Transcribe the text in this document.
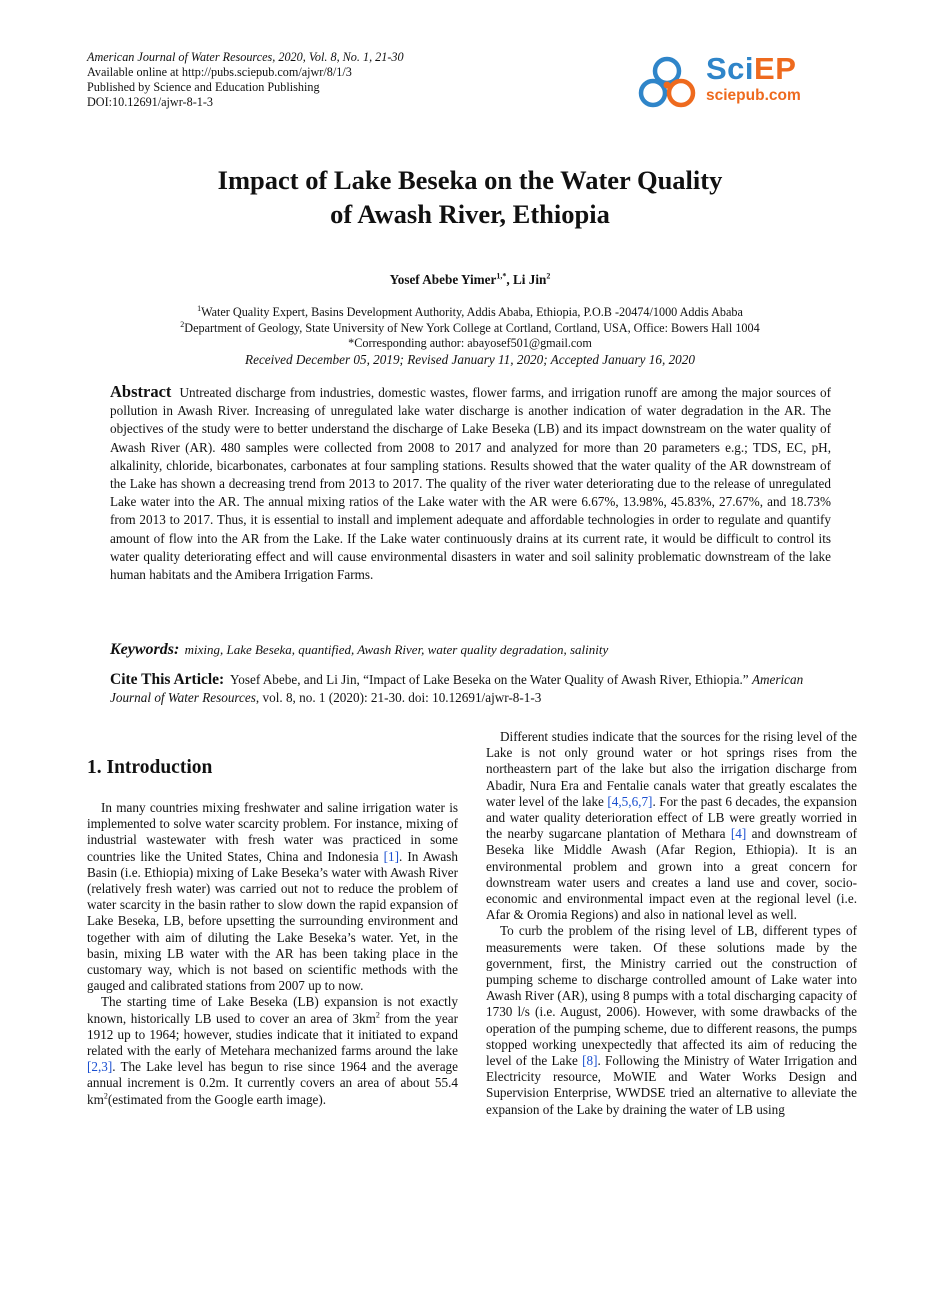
American Journal of Water Resources, 2020, Vol. 8, No. 1, 21-30
Available online at http://pubs.sciepub.com/ajwr/8/1/3
Published by Science and Education Publishing
DOI:10.12691/ajwr-8-1-3
SciEP
sciepub.com
Impact of Lake Beseka on the Water Quality
of Awash River, Ethiopia
Yosef Abebe Yimer$^{1,*}$, Li Jin$^2$
$^1$Water Quality Expert, Basins Development Authority, Addis Ababa, Ethiopia, P.O.B -20474/1000 Addis Ababa
$^2$Department of Geology, State University of New York College at Cortland, Cortland, USA, Office: Bowers Hall 1004
*Corresponding author: abayosef501@gmail.com
Received December 05, 2019; Revised January 11, 2020; Accepted January 16, 2020
Abstract Untreated discharge from industries, domestic wastes, flower farms, and irrigation runoff are among the major sources of pollution in Awash River. Increasing of unregulated lake water discharge is another indication of water degradation in the AR. The objectives of the study were to better understand the discharge of Lake Beseka (LB) and its impact downstream on the water quality of Awash River (AR). 480 samples were collected from 2008 to 2017 and analyzed for more than 20 parameters e.g.; TDS, EC, pH, alkalinity, chloride, bicarbonates, carbonates at four sampling stations. Results showed that the water quality of the AR downstream of the Lake has shown a decreasing trend from 2013 to 2017. The quality of the river water deteriorating due to the release of unregulated Lake water into the AR. The annual mixing ratios of the Lake water with the AR were 6.67%, 13.98%, 45.83%, 27.67%, and 18.73% from 2013 to 2017. Thus, it is essential to install and implement adequate and affordable technologies in order to regulate and quantify amount of flow into the AR from the Lake. If the Lake water continuously drains at its current rate, it would be difficult to control its water quality deteriorating effect and will cause environmental disasters in water and soil salinity problematic downstream of the lake human habitats and the Amibera Irrigation Farms.
Keywords: mixing, Lake Beseka, quantified, Awash River, water quality degradation, salinity
Cite This Article: Yosef Abebe, and Li Jin, “Impact of Lake Beseka on the Water Quality of Awash River, Ethiopia.” American Journal of Water Resources, vol. 8, no. 1 (2020): 21-30. doi: 10.12691/ajwr-8-1-3
1. Introduction

In many countries mixing freshwater and saline irrigation water is implemented to solve water scarcity problem. For instance, mixing of industrial wastewater with fresh water was practiced in some countries like the United States, China and Indonesia [1]. In Awash Basin (i.e. Ethiopia) mixing of Lake Beseka’s water with Awash River (relatively fresh water) was carried out not to reduce the problem of water scarcity in the basin rather to slow down the rapid expansion of Lake Beseka, LB, before upsetting the surrounding environment and together with aim of diluting the Lake Beseka’s water. Yet, in the basin, mixing LB water with the AR has been taking place in the customary way, which is not based on scientific methods with the gauged and calibrated stations from 2007 up to now.

The starting time of Lake Beseka (LB) expansion is not exactly known, historically LB used to cover an area of $3km^2$ from the year 1912 up to 1964; however, studies indicate that it initiated to expand related with the early of Metehara mechanized farms around the lake [2,3]. The Lake level has begun to rise since 1964 and the average annual increment is 0.2m. It currently covers an area of about 55.4 $km^2(estimated$ from the Google earth image).

Different studies indicate that the sources for the rising level of the Lake is not only ground water or hot springs rises from the northeastern part of the lake but also the irrigation discharge from Abadir, Nura Era and Fentalie canals water that greatly escalates the water level of the lake [4,5,6,7]. For the past 6 decades, the expansion and water quality deterioration effect of LB were greatly worried in the nearby sugarcane plantation of Methara [4] and downstream of Beseka like Middle Awash (Afar Region, Ethiopia). It is an environmental problem and grown into a great concern for downstream water users and creates a land use and cover, socio-economic and environmental impact even at the regional level (i.e. Afar & Oromia Regions) and also in national level as well.

To curb the problem of the rising level of LB, different types of measurements were taken. Of these solutions made by the government, first, the Ministry carried out the construction of pumping scheme to discharge controlled amount of Lake water into Awash River (AR), using 8 pumps with a total discharging capacity of 1730 l/s (i.e. August, 2006). However, with some drawbacks of the operation of the pumping scheme, due to different reasons, the pumps stopped working unexpectedly that affected its aim of reducing the level of the Lake [8]. Following the Ministry of Water Irrigation and Electricity resource, MoWIE and Water Works Design and Supervision Enterprise, WWDSE tried an alternative to alleviate the expansion of the Lake by draining the water of LB using
